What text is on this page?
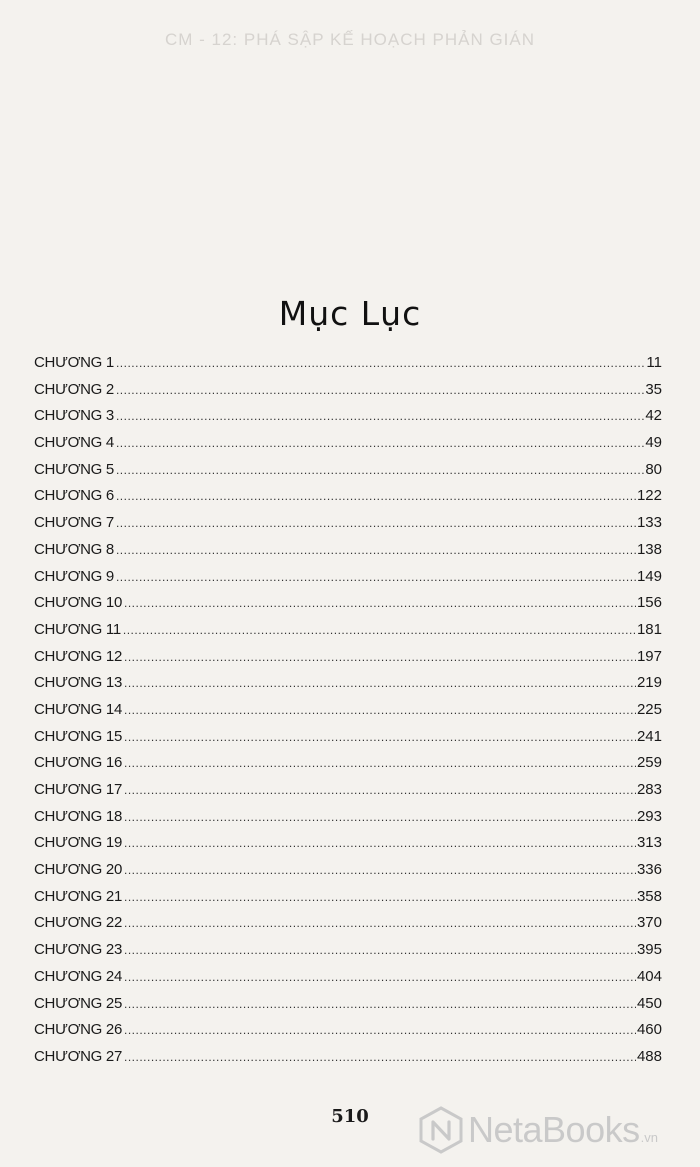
CM - 12: PHÁ SẬP KẾ HOẠCH PHẢN GIÁN
Mục Lục
CHƯƠNG 1 .....	11
CHƯƠNG 2 .....	35
CHƯƠNG 3 .....	42
CHƯƠNG 4 .....	49
CHƯƠNG 5 .....	80
CHƯƠNG 6 .....	122
CHƯƠNG 7 .....	133
CHƯƠNG 8 .....	138
CHƯƠNG 9 .....	149
CHƯƠNG 10 .....	156
CHƯƠNG 11 .....	181
CHƯƠNG 12 .....	197
CHƯƠNG 13 .....	219
CHƯƠNG 14 .....	225
CHƯƠNG 15 .....	241
CHƯƠNG 16 .....	259
CHƯƠNG 17 .....	283
CHƯƠNG 18 .....	293
CHƯƠNG 19 .....	313
CHƯƠNG 20 .....	336
CHƯƠNG 21 .....	358
CHƯƠNG 22 .....	370
CHƯƠNG 23 .....	395
CHƯƠNG 24 .....	404
CHƯƠNG 25 .....	450
CHƯƠNG 26 .....	460
CHƯƠNG 27 .....	488
510	NetaBooks .vn
